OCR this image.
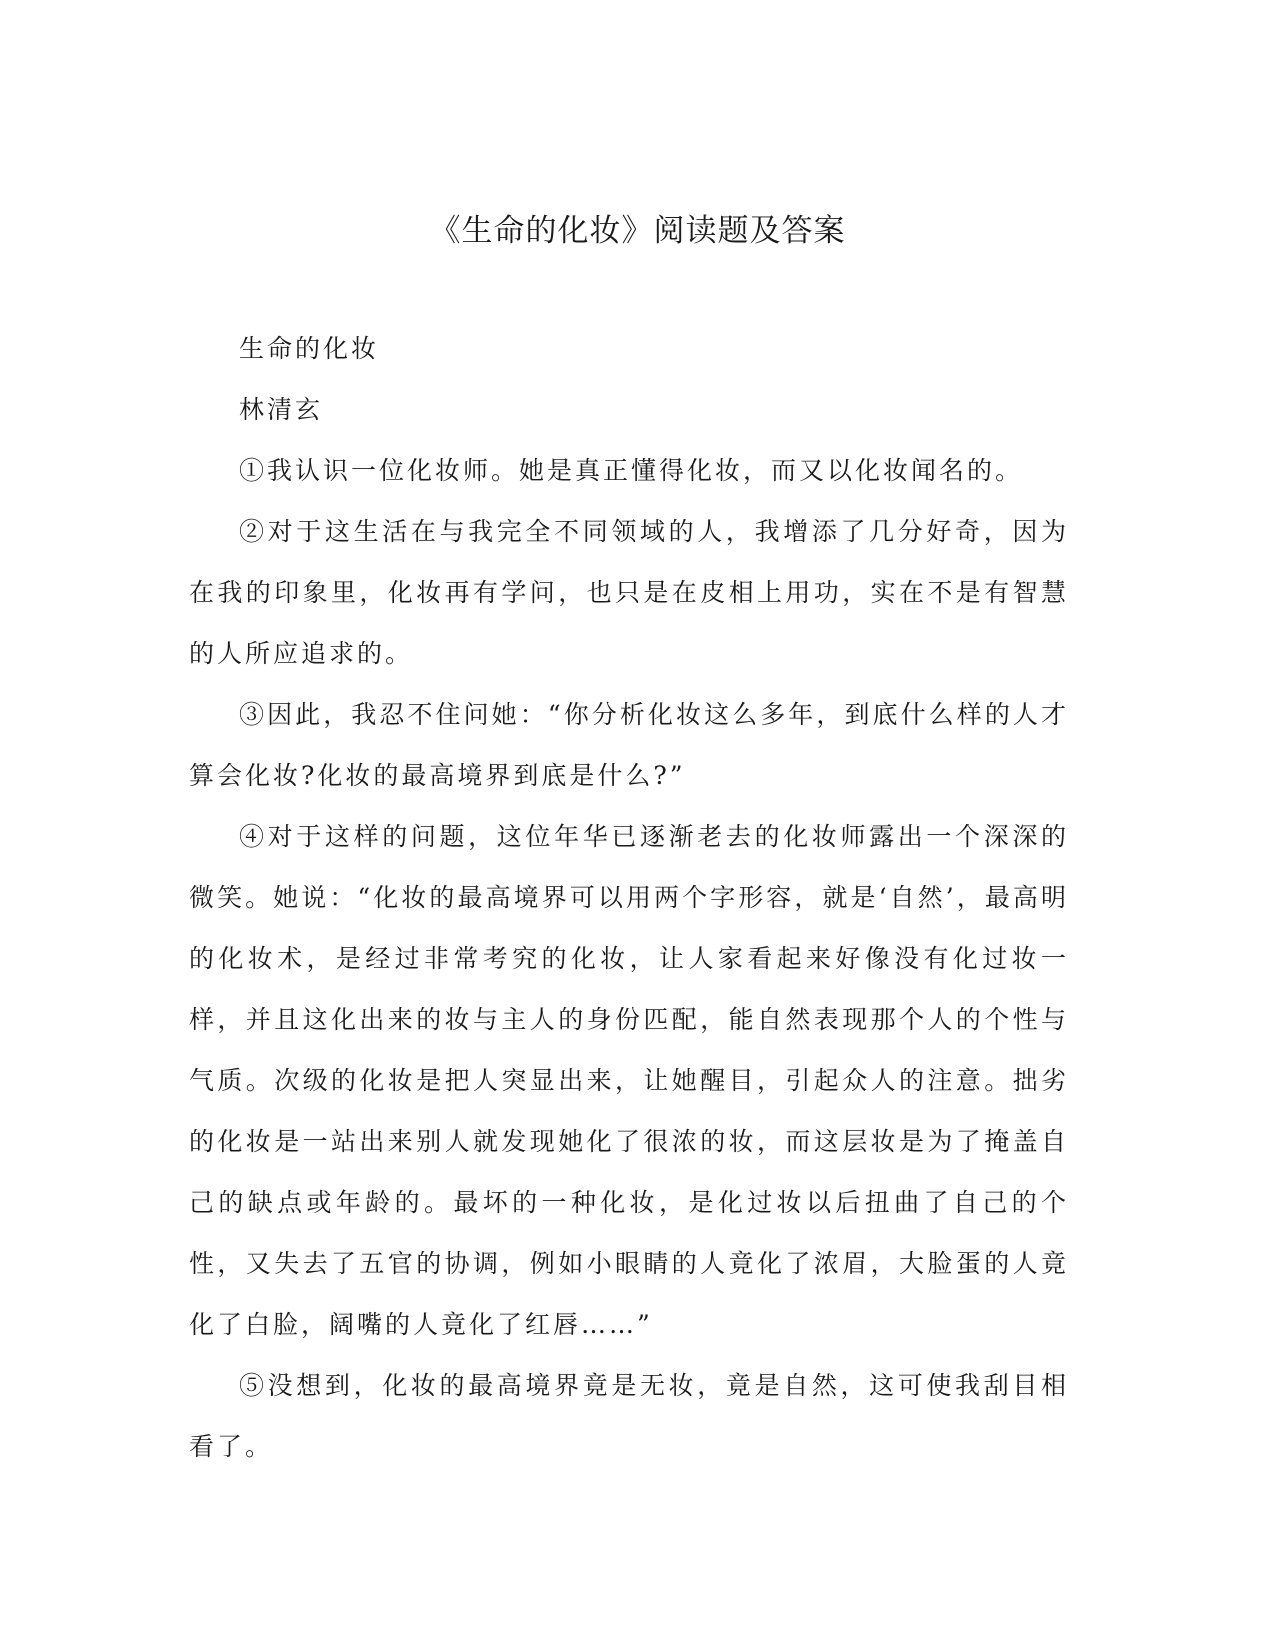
《生命的化妆》阅读题及答案

生命的化妆

林清玄

①我认识一位化妆师。她是真正懂得化妆，而又以化妆闻名的。

②对于这生活在与我完全不同领域的人，我增添了几分好奇，因为在我的印象里，化妆再有学问，也只是在皮相上用功，实在不是有智慧的人所应追求的。

③因此，我忍不住问她：“你分析化妆这么多年，到底什么样的人才算会化妆?化妆的最高境界到底是什么?”

④对于这样的问题，这位年华已逐渐老去的化妆师露出一个深深的微笑。她说：“化妆的最高境界可以用两个字形容，就是‘自然’，最高明的化妆术，是经过非常考究的化妆，让人家看起来好像没有化过妆一样，并且这化出来的妆与主人的身份匹配，能自然表现那个人的个性与气质。次级的化妆是把人突显出来，让她醒目，引起众人的注意。拙劣的化妆是一站出来别人就发现她化了很浓的妆，而这层妆是为了掩盖自己的缺点或年龄的。最坏的一种化妆，是化过妆以后扭曲了自己的个性，又失去了五官的协调，例如小眼睛的人竟化了浓眉，大脸蛋的人竟化了白脸，阔嘴的人竟化了红唇……”

⑤没想到，化妆的最高境界竟是无妆，竟是自然，这可使我刮目相看了。
